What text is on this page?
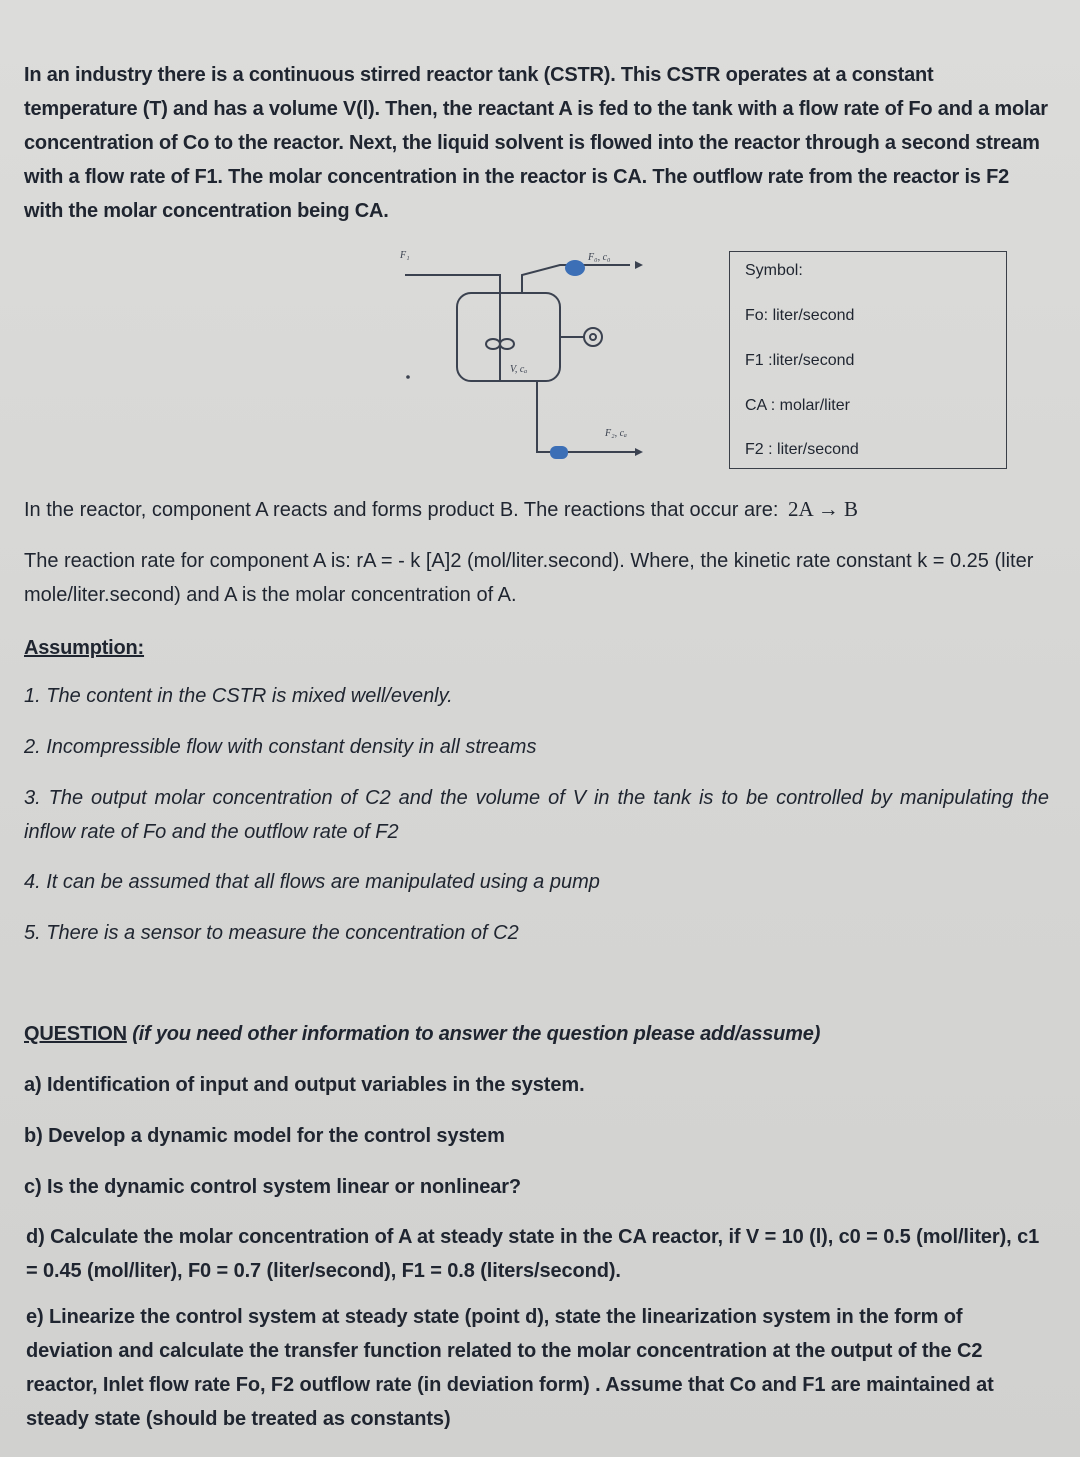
In an industry there is a continuous stirred reactor tank (CSTR). This CSTR operates at a constant temperature (T) and has a volume V(l). Then, the reactant A is fed to the tank with a flow rate of Fo and a molar concentration of Co to the reactor. Next, the liquid solvent is flowed into the reactor through a second stream with a flow rate of F1. The molar concentration in the reactor is CA. The outflow rate from the reactor is F2 with the molar concentration being CA.
F₁	F₀, c₀
V, cₐ
F₂, cₐ
Symbol:
Fo: liter/second
F1 :liter/second
CA : molar/liter
F2 : liter/second
In the reactor, component A reacts and forms product B. The reactions that occur are: 2A → B
The reaction rate for component A is: rA = - k [A]2 (mol/liter.second). Where, the kinetic rate constant k = 0.25 (liter mole/liter.second) and A is the molar concentration of A.
Assumption:
1. The content in the CSTR is mixed well/evenly.
2. Incompressible flow with constant density in all streams
3. The output molar concentration of C2 and the volume of V in the tank is to be controlled by manipulating the inflow rate of Fo and the outflow rate of F2
4. It can be assumed that all flows are manipulated using a pump
5. There is a sensor to measure the concentration of C2
QUESTION (if you need other information to answer the question please add/assume)
a) Identification of input and output variables in the system.
b) Develop a dynamic model for the control system
c) Is the dynamic control system linear or nonlinear?
d) Calculate the molar concentration of A at steady state in the CA reactor, if V = 10 (l), c0 = 0.5 (mol/liter), c1 = 0.45 (mol/liter), F0 = 0.7 (liter/second), F1 = 0.8 (liters/second).
e) Linearize the control system at steady state (point d), state the linearization system in the form of deviation and calculate the transfer function related to the molar concentration at the output of the C2 reactor, Inlet flow rate Fo, F2 outflow rate (in deviation form) . Assume that Co and F1 are maintained at steady state (should be treated as constants)
